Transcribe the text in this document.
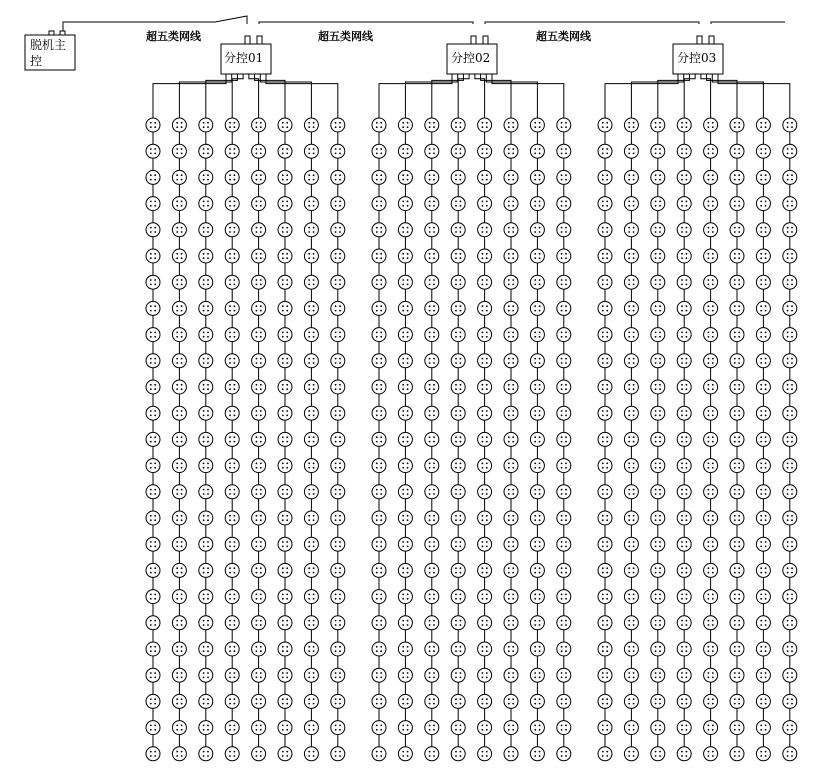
脱机主
控
超五类网线	超五类网线	超五类网线
分控01	分控02	分控03
